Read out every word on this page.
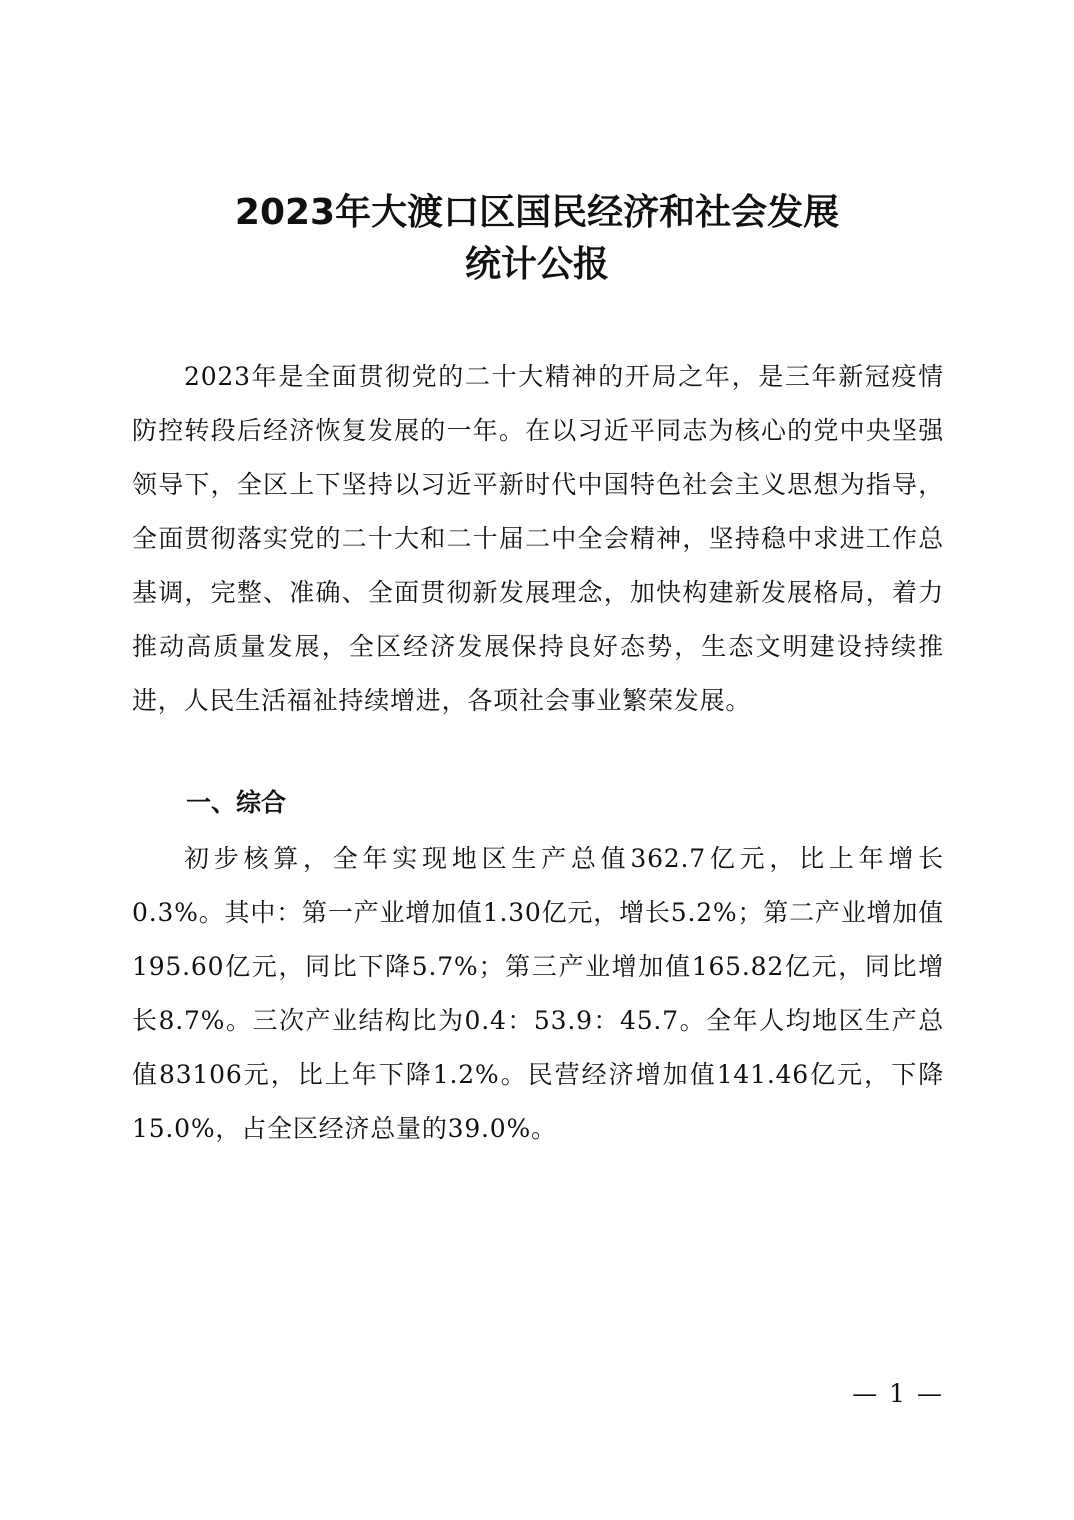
2023年大渡口区国民经济和社会发展
统计公报

2023年是全面贯彻党的二十大精神的开局之年，是三年新冠疫情防控转段后经济恢复发展的一年。在以习近平同志为核心的党中央坚强领导下，全区上下坚持以习近平新时代中国特色社会主义思想为指导，全面贯彻落实党的二十大和二十届二中全会精神，坚持稳中求进工作总基调，完整、准确、全面贯彻新发展理念，加快构建新发展格局，着力推动高质量发展，全区经济发展保持良好态势，生态文明建设持续推进，人民生活福祉持续增进，各项社会事业繁荣发展。

一、综合

初步核算，全年实现地区生产总值362.7亿元，比上年增长0.3%。其中：第一产业增加值1.30亿元，增长5.2%；第二产业增加值195.60亿元，同比下降5.7%；第三产业增加值165.82亿元，同比增长8.7%。三次产业结构比为0.4：53.9：45.7。全年人均地区生产总值83106元，比上年下降1.2%。民营经济增加值141.46亿元，下降15.0%，占全区经济总量的39.0%。

— 1 —
